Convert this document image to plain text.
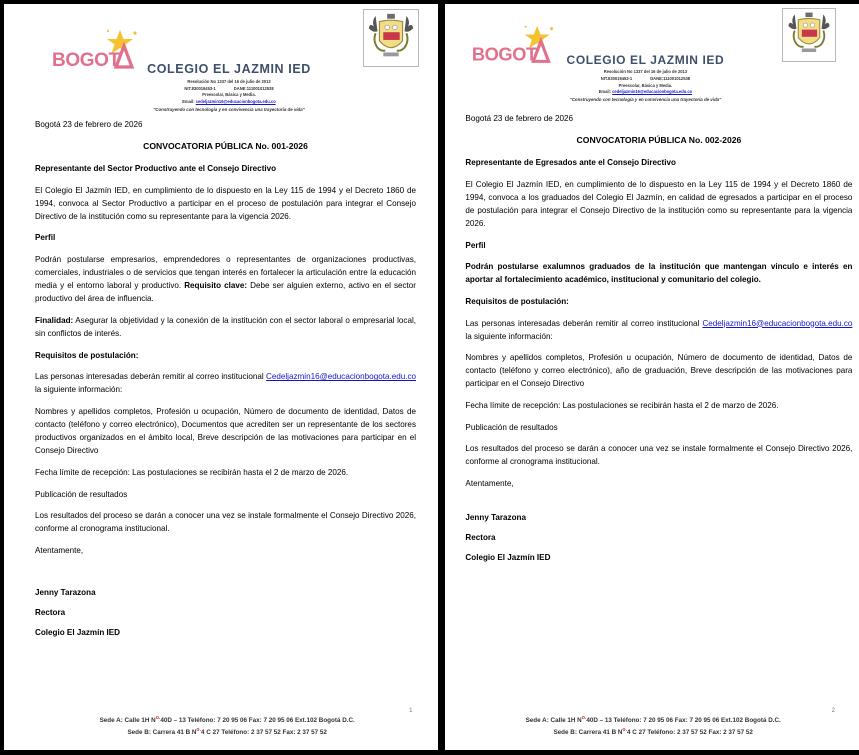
BOGOT	COLEGIO EL JAZMIN IED
Resolución No 1337 del 16 de julio de 2013
NIT.830019453-1	DANE:111001012538
Preescolar, Básica y Media.
Email: cedeljazmin16@educacionbogota.edu.co
"Construyendo con tecnología y en convivencia una trayectoria de vida"

Bogotá 23 de febrero de 2026

CONVOCATORIA PÚBLICA No. 001-2026

Representante del Sector Productivo ante el Consejo Directivo

El Colegio El Jazmín IED, en cumplimiento de lo dispuesto en la Ley 115 de 1994 y el Decreto 1860 de 1994, convoca al Sector Productivo a participar en el proceso de postulación para integrar el Consejo Directivo de la institución como su representante para la vigencia 2026.

Perfil

Podrán postularse empresarios, emprendedores o representantes de organizaciones productivas, comerciales, industriales o de servicios que tengan interés en fortalecer la articulación entre la educación media y el entorno laboral y productivo. Requisito clave: Debe ser alguien externo, activo en el sector productivo del área de influencia.

Finalidad: Asegurar la objetividad y la conexión de la institución con el sector laboral o empresarial local, sin conflictos de interés.

Requisitos de postulación:

Las personas interesadas deberán remitir al correo institucional Cedeljazmin16@educacionbogota.edu.co la siguiente información:

Nombres y apellidos completos, Profesión u ocupación, Número de documento de identidad, Datos de contacto (teléfono y correo electrónico), Documentos que acrediten ser un representante de los sectores productivos organizados en el ámbito local, Breve descripción de las motivaciones para participar en el Consejo Directivo

Fecha límite de recepción: Las postulaciones se recibirán hasta el 2 de marzo de 2026.

Publicación de resultados

Los resultados del proceso se darán a conocer una vez se instale formalmente el Consejo Directivo 2026, conforme al cronograma institucional.

Atentamente,

Jenny Tarazona

Rectora

Colegio El Jazmín IED

1
Sede A: Calle 1H $N^{o.}40D - 13$ Teléfono: 7 20 95 06 Fax: 7 20 95 06 Ext.102 Bogotá D.C.
Sede B: Carrera 41 B $N^{o.}4$ C 27 Teléfono: 2 37 57 52 Fax: 2 37 57 52
BOGOT	COLEGIO EL JAZMIN IED
Resolución No 1337 del 16 de julio de 2013
NIT.830019453-1	DANE:111001012538
Preescolar, Básica y Media.
Email: cedeljazmin16@educacionbogota.edu.co
"Construyendo con tecnología y en convivencia una trayectoria de vida"

Bogotá 23 de febrero de 2026

CONVOCATORIA PÚBLICA No. 002-2026

Representante de Egresados ante el Consejo Directivo

El Colegio El Jazmín IED, en cumplimiento de lo dispuesto en la Ley 115 de 1994 y el Decreto 1860 de 1994, convoca a los graduados del Colegio El Jazmín, en calidad de egresados a participar en el proceso de postulación para integrar el Consejo Directivo de la institución como su representante para la vigencia 2026.

Perfil

Podrán postularse exalumnos graduados de la institución que mantengan vinculo e interés en aportar al fortalecimiento académico, institucional y comunitario del colegio.

Requisitos de postulación:

Las personas interesadas deberán remitir al correo institucional Cedeljazmin16@educacionbogota.edu.co la siguiente información:

Nombres y apellidos completos, Profesión u ocupación, Número de documento de identidad, Datos de contacto (teléfono y correo electrónico), año de graduación, Breve descripción de las motivaciones para participar en el Consejo Directivo

Fecha límite de recepción: Las postulaciones se recibirán hasta el 2 de marzo de 2026.

Publicación de resultados

Los resultados del proceso se darán a conocer una vez se instale formalmente el Consejo Directivo 2026, conforme al cronograma institucional.

Atentamente,

Jenny Tarazona

Rectora

Colegio El Jazmín IED

2
Sede A: Calle 1H $N^{o.}40D - 13$ Teléfono: 7 20 95 06 Fax: 7 20 95 06 Ext.102 Bogotá D.C.
Sede B: Carrera 41 B $N^{o.}4$ C 27 Teléfono: 2 37 57 52 Fax: 2 37 57 52
